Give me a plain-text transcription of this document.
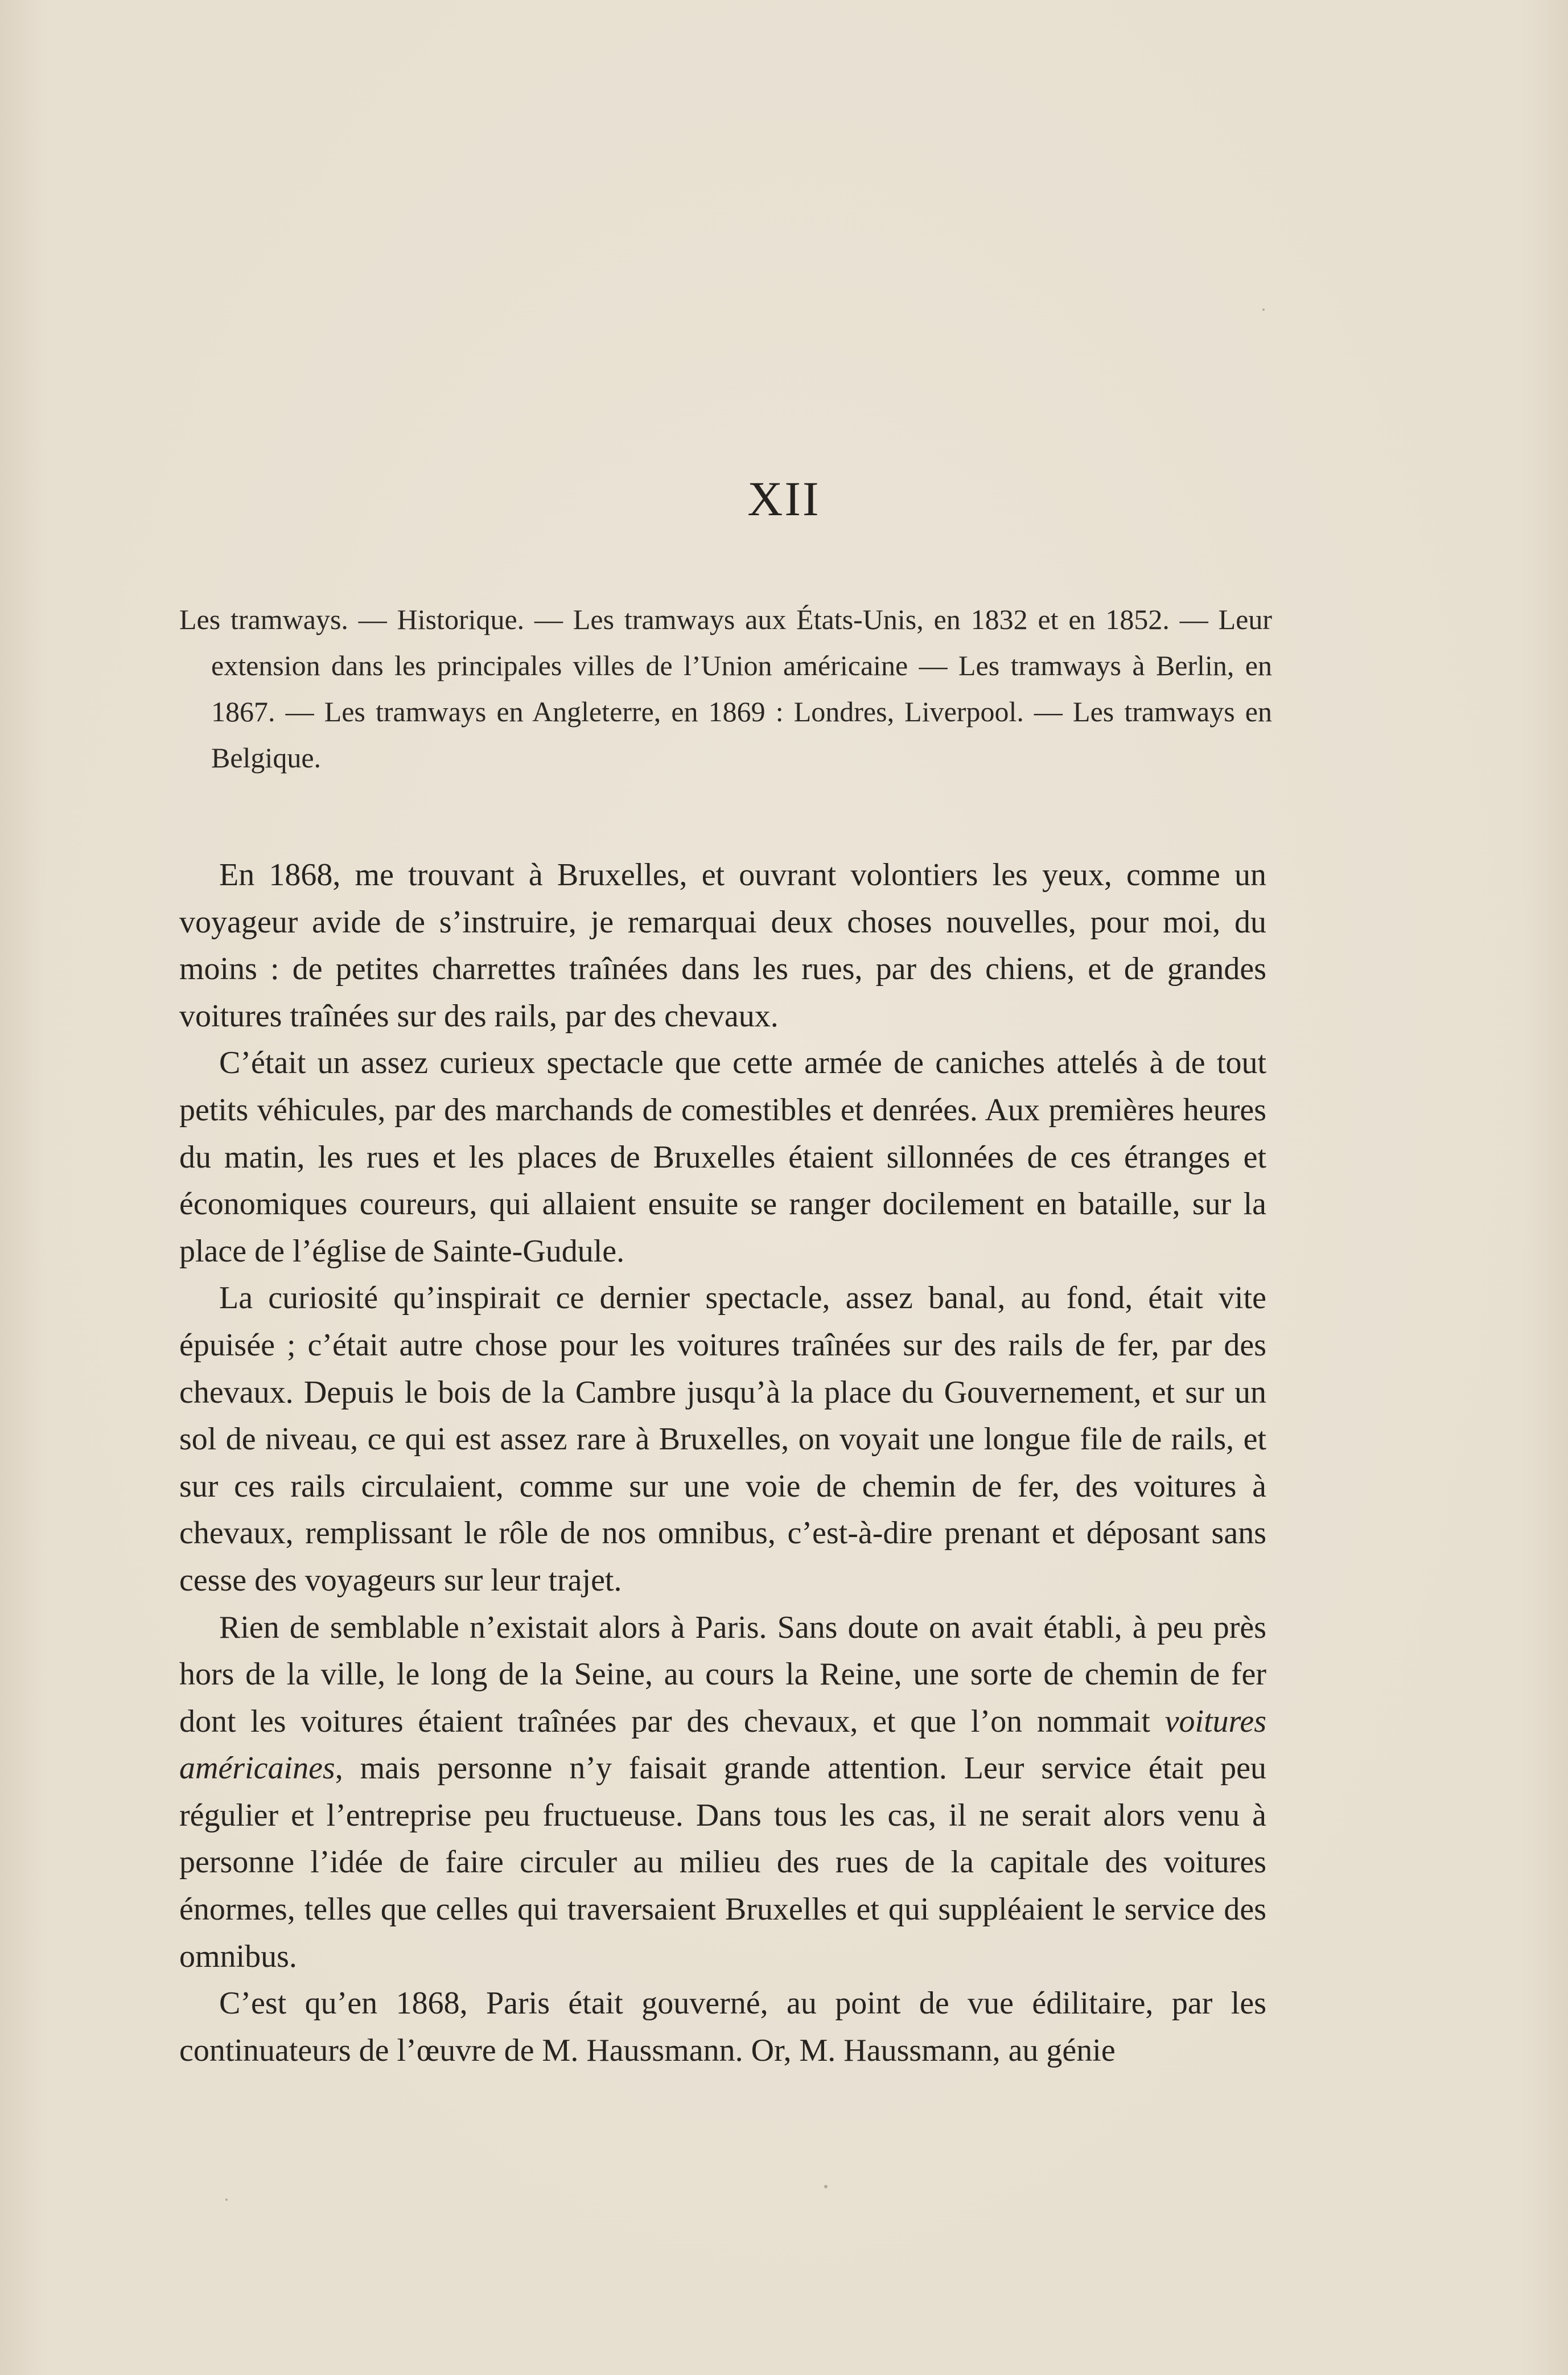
XII

Les tramways. — Historique. — Les tramways aux États-Unis, en 1832 et en 1852. — Leur extension dans les principales villes de l’Union américaine — Les tramways à Berlin, en 1867. — Les tramways en Angleterre, en 1869 : Londres, Liverpool. — Les tramways en Belgique.

En 1868, me trouvant à Bruxelles, et ouvrant volontiers les yeux, comme un voyageur avide de s’instruire, je remarquai deux choses nouvelles, pour moi, du moins : de petites charrettes traînées dans les rues, par des chiens, et de grandes voitures traînées sur des rails, par des chevaux.

C’était un assez curieux spectacle que cette armée de caniches attelés à de tout petits véhicules, par des marchands de comestibles et denrées. Aux premières heures du matin, les rues et les places de Bruxelles étaient sillonnées de ces étranges et économiques coureurs, qui allaient ensuite se ranger docilement en bataille, sur la place de l’église de Sainte-Gudule.

La curiosité qu’inspirait ce dernier spectacle, assez banal, au fond, était vite épuisée ; c’était autre chose pour les voitures traînées sur des rails de fer, par des chevaux. Depuis le bois de la Cambre jusqu’à la place du Gouvernement, et sur un sol de niveau, ce qui est assez rare à Bruxelles, on voyait une longue file de rails, et sur ces rails circulaient, comme sur une voie de chemin de fer, des voitures à chevaux, remplissant le rôle de nos omnibus, c’est-à-dire prenant et déposant sans cesse des voyageurs sur leur trajet.

Rien de semblable n’existait alors à Paris. Sans doute on avait établi, à peu près hors de la ville, le long de la Seine, au cours la Reine, une sorte de chemin de fer dont les voitures étaient traînées par des chevaux, et que l’on nommait voitures américaines, mais personne n’y faisait grande attention. Leur service était peu régulier et l’entreprise peu fructueuse. Dans tous les cas, il ne serait alors venu à personne l’idée de faire circuler au milieu des rues de la capitale des voitures énormes, telles que celles qui traversaient Bruxelles et qui suppléaient le service des omnibus.

C’est qu’en 1868, Paris était gouverné, au point de vue édilitaire, par les continuateurs de l’œuvre de M. Haussmann. Or, M. Haussmann, au génie
